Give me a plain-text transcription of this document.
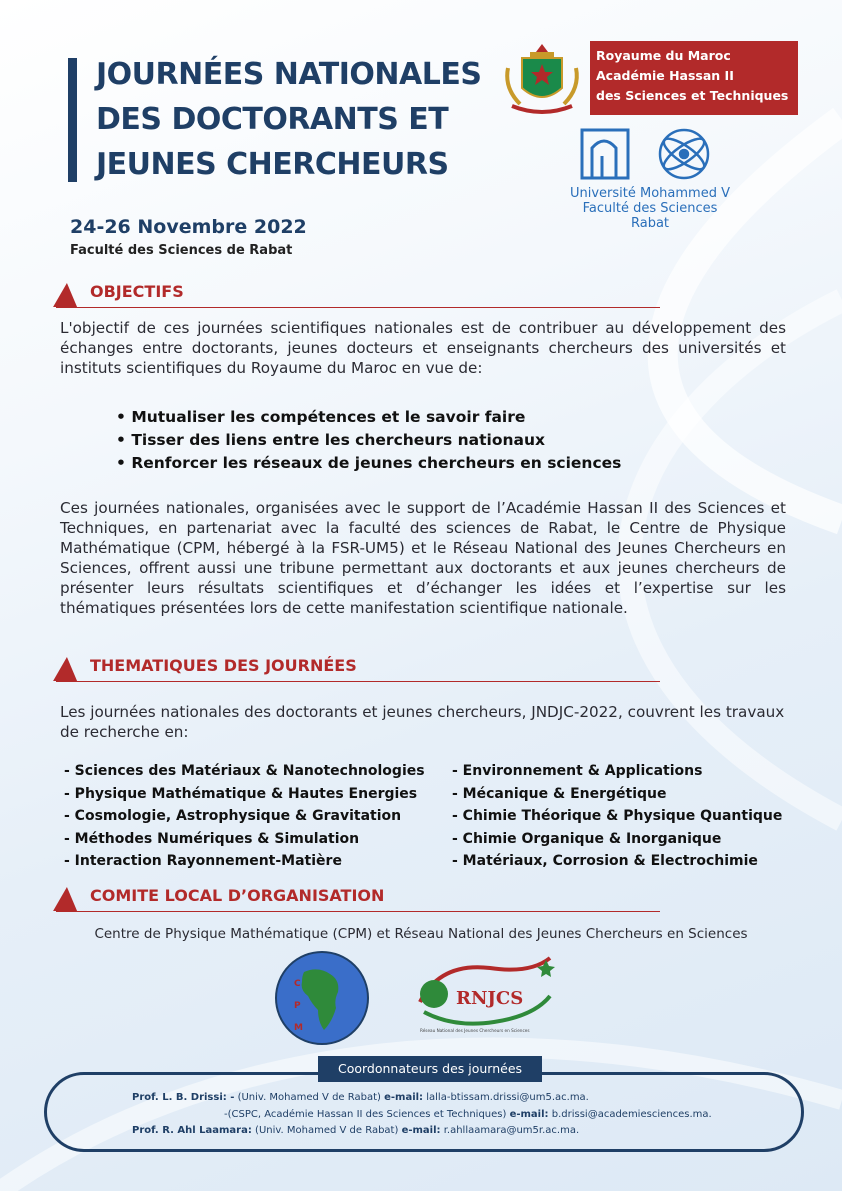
JOURNÉES NATIONALES
DES DOCTORANTS ET
JEUNES CHERCHEURS
24-26 Novembre 2022
Faculté des Sciences de Rabat
Royaume du Maroc
Académie Hassan II
des Sciences et Techniques
Université Mohammed V
Faculté des Sciences
Rabat
OBJECTIFS

L'objectif de ces journées scientifiques nationales est de contribuer au développement des échanges entre doctorants, jeunes docteurs et enseignants chercheurs des universités et instituts scientifiques du Royaume du Maroc en vue de:

• Mutualiser les compétences et le savoir faire
• Tisser des liens entre les chercheurs nationaux
• Renforcer les réseaux de jeunes chercheurs en sciences

Ces journées nationales, organisées avec le support de l’Académie Hassan II des Sciences et Techniques, en partenariat avec la faculté des sciences de Rabat, le Centre de Physique Mathématique (CPM, hébergé à la FSR-UM5) et le Réseau National des Jeunes Chercheurs en Sciences, offrent aussi une tribune permettant aux doctorants et aux jeunes chercheurs de présenter leurs résultats scientifiques et d’échanger les idées et l’expertise sur les thématiques présentées lors de cette manifestation scientifique nationale.

THEMATIQUES DES JOURNÉES

Les journées nationales des doctorants et jeunes chercheurs, JNDJC-2022, couvrent les travaux de recherche en:

- Sciences des Matériaux & Nanotechnologies
- Physique Mathématique & Hautes Energies
- Cosmologie, Astrophysique & Gravitation
- Méthodes Numériques & Simulation
- Interaction Rayonnement-Matière
- Environnement & Applications
- Mécanique & Energétique
- Chimie Théorique & Physique Quantique
- Chimie Organique & Inorganique
- Matériaux, Corrosion & Electrochimie
COMITE LOCAL D’ORGANISATION
Centre de Physique Mathématique (CPM) et Réseau National des Jeunes Chercheurs en Sciences
C P M
RNJCS
Réseau National des Jeunes Chercheurs en Sciences
Coordonnateurs des journées
Prof. L. B. Drissi: - (Univ. Mohamed V de Rabat) e-mail: lalla-btissam.drissi@um5.ac.ma.
-(CSPC, Académie Hassan II des Sciences et Techniques) e-mail: b.drissi@academiesciences.ma.
Prof. R. Ahl Laamara: (Univ. Mohamed V de Rabat) e-mail: r.ahllaamara@um5r.ac.ma.
